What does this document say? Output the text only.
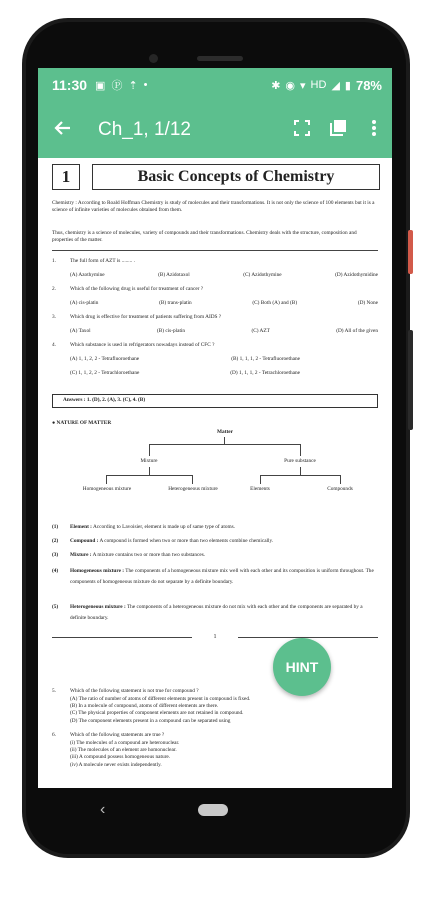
11:30 ▣ Ⓟ ⇡ •	✱ ◉ ▾ HD ◢ ▮ 78%
Ch_1, 1/12
1	Basic Concepts of Chemistry
Chemistry : According to Roald Hoffman Chemistry is study of molecules and their transformations. It is not only the science of 100 elements but it is a science of infinite varieties of molecules obtained from them.
Thus, chemistry is a science of molecules, variety of compounds and their transformations. Chemistry deals with the structure, composition and properties of the matter.
1.	The full form of AZT is ........ .
(A) Azothymine	(B) Azidotaxol	(C) Azidothymine	(D) Azidothymidine
2.	Which of the following drug is useful for treatment of cancer ?
(A) cis-platin	(B) trans-platin	(C) Both (A) and (B)	(D) None
3.	Which drug is effective for treatment of patients suffering from AIDS ?
(A) Taxol	(B) cis-platin	(C) AZT	(D) All of the given
4.	Which substance is used in refrigerators nowadays instead of CFC ?
(A) 1, 1, 2, 2 - Tetrafluoroethane	(B) 1, 1, 1, 2 - Tetrafluoroethane
(C) 1, 1, 2, 2 - Tetrachloroethane	(D) 1, 1, 1, 2 - Tetrachloroethane
Answers : 1. (D), 2. (A), 3. (C), 4. (B)
● NATURE OF MATTER
Matter
Mixture	Pure substance
Homogeneous mixture	Heterogeneous mixture	Elements	Compounds
(1)	Element : According to Lavoisier, element is made up of same type of atoms.
(2)	Compound : A compound is formed when two or more than two elements combine chemically.
(3)	Mixture : A mixture contains two or more than two substances.
(4)	Homogeneous mixture : The components of a homogeneous mixture mix well with each other and its composition is uniform throughout. The components of homogeneous mixture do not separate by a definite boundary.
(5)	Heterogeneous mixture : The components of a heterogeneous mixture do not mix with each other and the components are separated by a definite boundary.
1
5.	Which of the following statement is not true for compound ?
(A) The ratio of number of atoms of different elements present in compound is fixed.
(B) In a molecule of compound, atoms of different elements are there.
(C) The physical properties of component elements are not retained in compound.
(D) The component elements present in a compound can be separated using
6.	Which of the following statements are true ?
(i) The molecules of a compound are heteronuclear.
(ii) The molecules of an element are homonuclear.
(iii) A compound possess homogeneous nature.
(iv) A molecule never exists independently.
HINT
‹
